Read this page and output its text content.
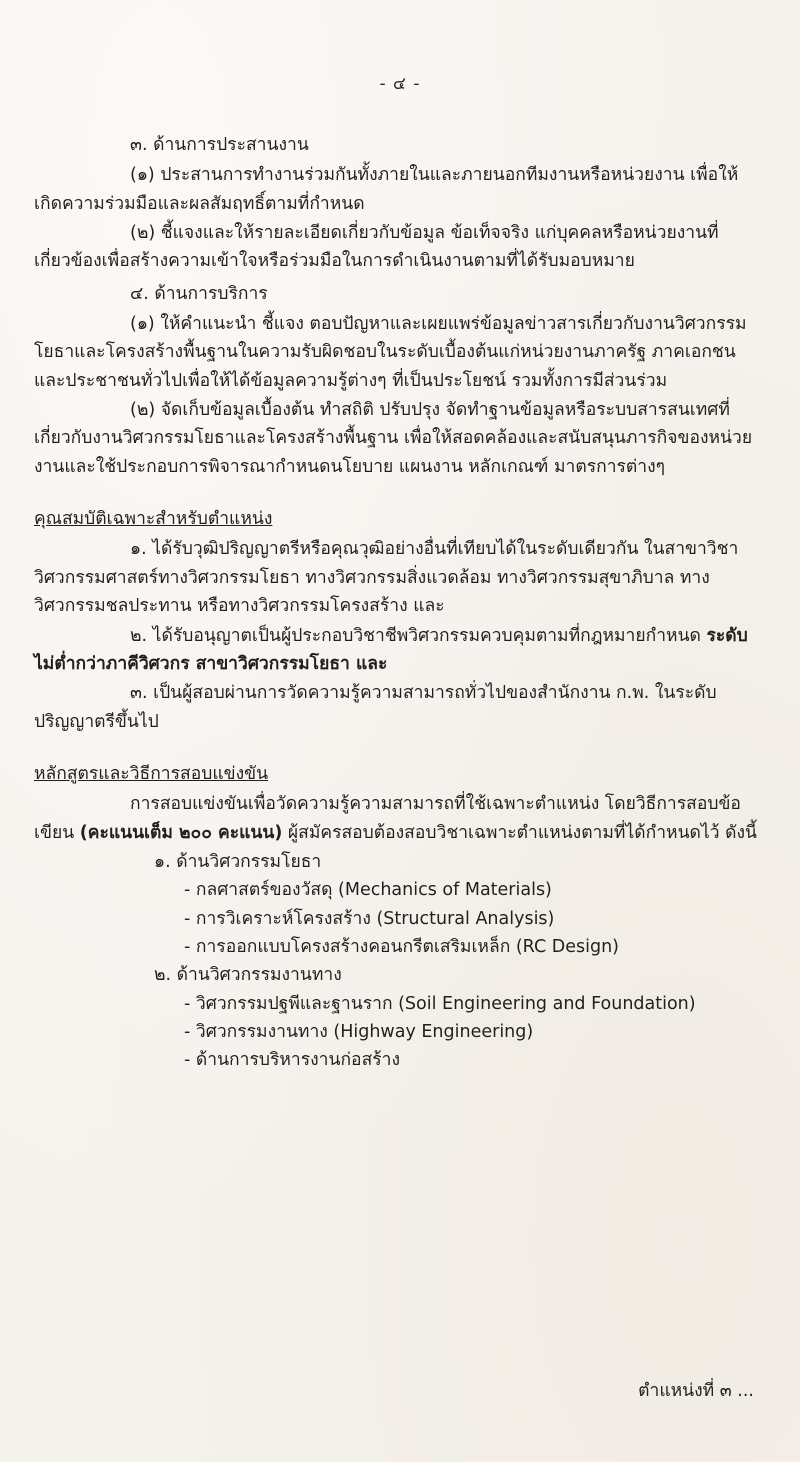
- ๔ -
๓. ด้านการประสานงาน

(๑) ประสานการทำงานร่วมกันทั้งภายในและภายนอกทีมงานหรือหน่วยงาน เพื่อให้เกิดความร่วมมือและผลสัมฤทธิ์ตามที่กำหนด

(๒) ชี้แจงและให้รายละเอียดเกี่ยวกับข้อมูล ข้อเท็จจริง แก่บุคคลหรือหน่วยงานที่เกี่ยวข้องเพื่อสร้างความเข้าใจหรือร่วมมือในการดำเนินงานตามที่ได้รับมอบหมาย

๔. ด้านการบริการ

(๑) ให้คำแนะนำ ชี้แจง ตอบปัญหาและเผยแพร่ข้อมูลข่าวสารเกี่ยวกับงานวิศวกรรมโยธาและโครงสร้างพื้นฐานในความรับผิดชอบในระดับเบื้องต้นแก่หน่วยงานภาครัฐ ภาคเอกชน และประชาชนทั่วไปเพื่อให้ได้ข้อมูลความรู้ต่างๆ ที่เป็นประโยชน์ รวมทั้งการมีส่วนร่วม

(๒) จัดเก็บข้อมูลเบื้องต้น ทำสถิติ ปรับปรุง จัดทำฐานข้อมูลหรือระบบสารสนเทศที่เกี่ยวกับงานวิศวกรรมโยธาและโครงสร้างพื้นฐาน เพื่อให้สอดคล้องและสนับสนุนภารกิจของหน่วยงานและใช้ประกอบการพิจารณากำหนดนโยบาย แผนงาน หลักเกณฑ์ มาตรการต่างๆ

คุณสมบัติเฉพาะสำหรับตำแหน่ง

๑. ได้รับวุฒิปริญญาตรีหรือคุณวุฒิอย่างอื่นที่เทียบได้ในระดับเดียวกัน ในสาขาวิชาวิศวกรรมศาสตร์ทางวิศวกรรมโยธา ทางวิศวกรรมสิ่งแวดล้อม ทางวิศวกรรมสุขาภิบาล ทางวิศวกรรมชลประทาน หรือทางวิศวกรรมโครงสร้าง และ

๒. ได้รับอนุญาตเป็นผู้ประกอบวิชาชีพวิศวกรรมควบคุมตามที่กฎหมายกำหนด ระดับไม่ต่ำกว่าภาคีวิศวกร สาขาวิศวกรรมโยธา และ

๓. เป็นผู้สอบผ่านการวัดความรู้ความสามารถทั่วไปของสำนักงาน ก.พ. ในระดับปริญญาตรีขึ้นไป

หลักสูตรและวิธีการสอบแข่งขัน

การสอบแข่งขันเพื่อวัดความรู้ความสามารถที่ใช้เฉพาะตำแหน่ง โดยวิธีการสอบข้อเขียน (คะแนนเต็ม ๒๐๐ คะแนน) ผู้สมัครสอบต้องสอบวิชาเฉพาะตำแหน่งตามที่ได้กำหนดไว้ ดังนี้

๑. ด้านวิศวกรรมโยธา

- กลศาสตร์ของวัสดุ (Mechanics of Materials)

- การวิเคราะห์โครงสร้าง (Structural Analysis)

- การออกแบบโครงสร้างคอนกรีตเสริมเหล็ก (RC Design)

๒. ด้านวิศวกรรมงานทาง

- วิศวกรรมปฐพีและฐานราก (Soil Engineering and Foundation)

- วิศวกรรมงานทาง (Highway Engineering)

- ด้านการบริหารงานก่อสร้าง

ตำแหน่งที่ ๓ ...
